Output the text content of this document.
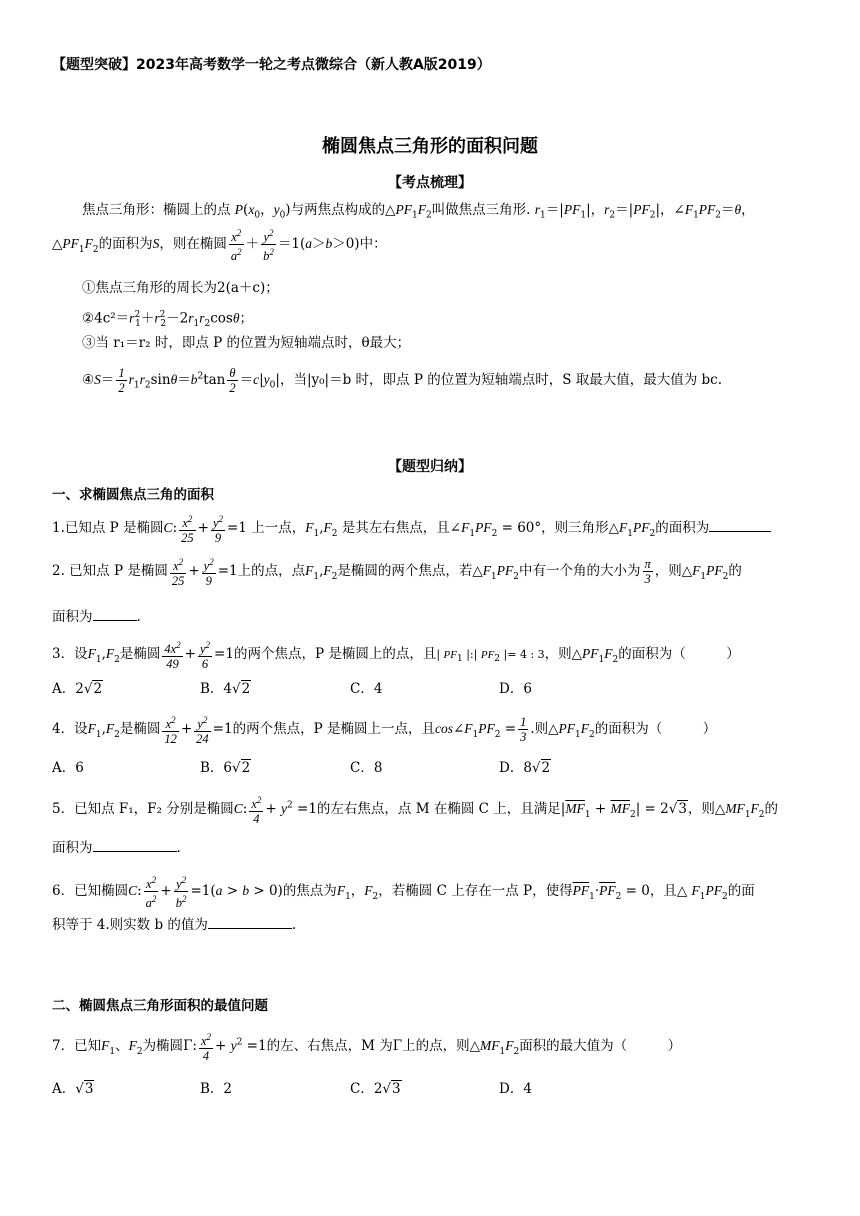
【题型突破】2023年高考数学一轮之考点微综合（新人教A版2019）
椭圆焦点三角形的面积问题
【考点梳理】
焦点三角形：椭圆上的点 $P(x_0$，$y_0$)与两焦点构成的$\triangle PF_1F_2$叫做焦点三角形. $r_1=|PF_1|$，$r_2=|PF_2|$，$\angle F_1PF_2=\theta$，
$\triangle PF_1F_2$的面积为S，则在椭圆 $\frac{x^2}{a^2} + \frac{y^2}{b^2} =1(a>b>0)$中：
①焦点三角形的周长为2(a＋c)；
$②4c^2=r^2_1+r^2_2-2r_1r_2\cos\theta$；
③当 r₁＝r₂ 时，即点 P 的位置为短轴端点时，θ最大；
④S＝ $\frac{1}{2} r_1r_2\sin\theta=b^2\tan \frac{\theta}{2} =c|y_0|$，当|y₀|＝b 时，即点 P 的位置为短轴端点时，S 取最大值，最大值为 bc.
【题型归纳】
一、求椭圆焦点三角的面积
1.已知点 P 是椭圆C: $\frac{x^2}{25} + \frac{y^2}{9} =1$ 上一点，$F_1,F_2$ 是其左右焦点，且$\angle F_1PF_2 = 60^\circ$，则三角形$\triangle F_1PF_2$的面积为
2. 已知点 P 是椭圆 $\frac{x^2}{25} + \frac{y^2}{9} =1$上的点，点$F_1,F_2$是椭圆的两个焦点，若$\triangle F_1PF_2$中有一个角的大小为 $\frac{\pi}{3}$ ，则$\triangle F_1PF_2$的
面积为	.
3．设$F_1,F_2$是椭圆 $\frac{4x^2}{49} + \frac{y^2}{6} =1$的两个焦点，P 是椭圆上的点，且| $PF_1$ |:| $PF_2$ |= 4 : 3，则$\triangle PF_1F_2$的面积为（　　　）
A．2√2	B．4√2	C．4	D．6
4．设$F_1,F_2$是椭圆 $\frac{x^2}{12} + \frac{y^2}{24} =1$的两个焦点，P 是椭圆上一点，且$\cos\angle F_1PF_2 = \frac{1}{3}$ .则$\triangle PF_1F_2$的面积为（　　　）
A．6	B．6√2	C．8	D．8√2
5．已知点 F₁，F₂ 分别是椭圆C: $\frac{x^2}{4} + y^2 =1$的左右焦点，点 M 在椭圆 C 上，且满足$|\overline{MF}_1 + \overline{MF}_2| = 2√3$，则$\triangle MF_1F_2$的
面积为	.
6．已知椭圆C: $\frac{x^2}{a^2} + \frac{y^2}{b^2} =1(a > b > 0)$的焦点为$F_1$，$F_2$，若椭圆 C 上存在一点 P，使得$\overline{PF}_1\cdot\overline{PF}_2 = 0$，且△ $F_1PF_2$的面
积等于 4.则实数 b 的值为	.
二、椭圆焦点三角形面积的最值问题
7．已知$F_1$、$F_2$为椭圆Γ: $\frac{x^2}{4} + y^2 =1$的左、右焦点，M 为Γ上的点，则$\triangle MF_1F_2$面积的最大值为（　　　）
A．√3	B．2	C．2√3	D．4
